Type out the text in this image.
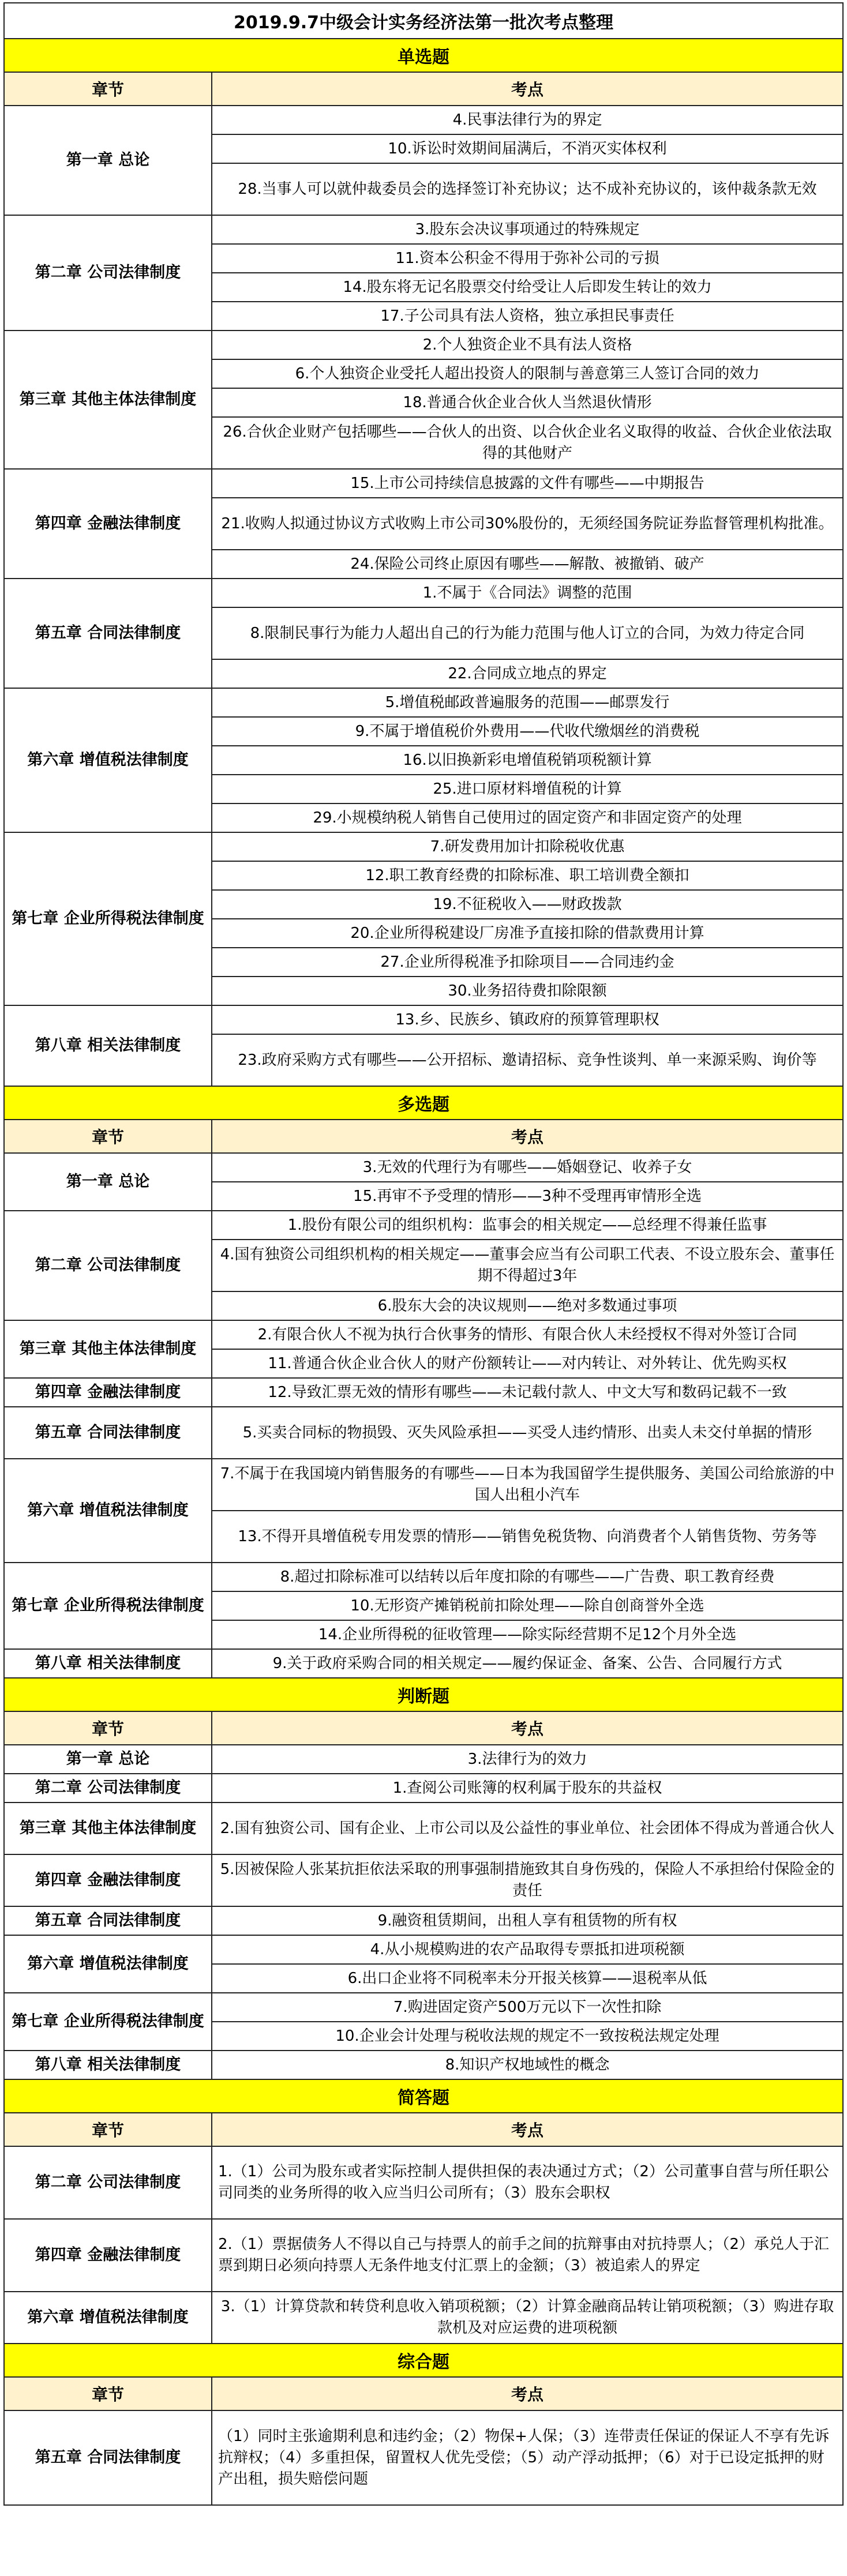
2019.9.7中级会计实务经济法第一批次考点整理	
单选题	
章节	考点
第一章 总论	4.民事法律行为的界定
	10.诉讼时效期间届满后，不消灭实体权利
	28.当事人可以就仲裁委员会的选择签订补充协议；达不成补充协议的，该仲裁条款无效
第二章 公司法律制度	3.股东会决议事项通过的特殊规定
	11.资本公积金不得用于弥补公司的亏损
	14.股东将无记名股票交付给受让人后即发生转让的效力
	17.子公司具有法人资格，独立承担民事责任
第三章 其他主体法律制度	2.个人独资企业不具有法人资格
	6.个人独资企业受托人超出投资人的限制与善意第三人签订合同的效力
	18.普通合伙企业合伙人当然退伙情形
	26.合伙企业财产包括哪些——合伙人的出资、以合伙企业名义取得的收益、合伙企业依法取得的其他财产
第四章 金融法律制度	15.上市公司持续信息披露的文件有哪些——中期报告
	21.收购人拟通过协议方式收购上市公司30%股份的，无须经国务院证券监督管理机构批准。
	24.保险公司终止原因有哪些——解散、被撤销、破产
第五章 合同法律制度	1.不属于《合同法》调整的范围
	8.限制民事行为能力人超出自己的行为能力范围与他人订立的合同，为效力待定合同
	22.合同成立地点的界定
第六章 增值税法律制度	5.增值税邮政普遍服务的范围——邮票发行
	9.不属于增值税价外费用——代收代缴烟丝的消费税
	16.以旧换新彩电增值税销项税额计算
	25.进口原材料增值税的计算
	29.小规模纳税人销售自己使用过的固定资产和非固定资产的处理
第七章 企业所得税法律制度	7.研发费用加计扣除税收优惠
	12.职工教育经费的扣除标准、职工培训费全额扣
	19.不征税收入——财政拨款
	20.企业所得税建设厂房准予直接扣除的借款费用计算
	27.企业所得税准予扣除项目——合同违约金
	30.业务招待费扣除限额
第八章 相关法律制度	13.乡、民族乡、镇政府的预算管理职权
	23.政府采购方式有哪些——公开招标、邀请招标、竞争性谈判、单一来源采购、询价等
多选题	
章节	考点
第一章 总论	3.无效的代理行为有哪些——婚姻登记、收养子女
	15.再审不予受理的情形——3种不受理再审情形全选
第二章 公司法律制度	1.股份有限公司的组织机构：监事会的相关规定——总经理不得兼任监事
	4.国有独资公司组织机构的相关规定——董事会应当有公司职工代表、不设立股东会、董事任期不得超过3年
	6.股东大会的决议规则——绝对多数通过事项
第三章 其他主体法律制度	2.有限合伙人不视为执行合伙事务的情形、有限合伙人未经授权不得对外签订合同
	11.普通合伙企业合伙人的财产份额转让——对内转让、对外转让、优先购买权
第四章 金融法律制度	12.导致汇票无效的情形有哪些——未记载付款人、中文大写和数码记载不一致
第五章 合同法律制度	5.买卖合同标的物损毁、灭失风险承担——买受人违约情形、出卖人未交付单据的情形
第六章 增值税法律制度	7.不属于在我国境内销售服务的有哪些——日本为我国留学生提供服务、美国公司给旅游的中国人出租小汽车
	13.不得开具增值税专用发票的情形——销售免税货物、向消费者个人销售货物、劳务等
第七章 企业所得税法律制度	8.超过扣除标准可以结转以后年度扣除的有哪些——广告费、职工教育经费
	10.无形资产摊销税前扣除处理——除自创商誉外全选
	14.企业所得税的征收管理——除实际经营期不足12个月外全选
第八章 相关法律制度	9.关于政府采购合同的相关规定——履约保证金、备案、公告、合同履行方式
判断题	
章节	考点
第一章 总论	3.法律行为的效力
第二章 公司法律制度	1.查阅公司账簿的权利属于股东的共益权
第三章 其他主体法律制度	2.国有独资公司、国有企业、上市公司以及公益性的事业单位、社会团体不得成为普通合伙人
第四章 金融法律制度	5.因被保险人张某抗拒依法采取的刑事强制措施致其自身伤残的，保险人不承担给付保险金的责任
第五章 合同法律制度	9.融资租赁期间，出租人享有租赁物的所有权
第六章 增值税法律制度	4.从小规模购进的农产品取得专票抵扣进项税额
	6.出口企业将不同税率未分开报关核算——退税率从低
第七章 企业所得税法律制度	7.购进固定资产500万元以下一次性扣除
	10.企业会计处理与税收法规的规定不一致按税法规定处理
第八章 相关法律制度	8.知识产权地域性的概念
简答题	
章节	考点
第二章 公司法律制度	1.（1）公司为股东或者实际控制人提供担保的表决通过方式；（2）公司董事自营与所任职公司同类的业务所得的收入应当归公司所有；（3）股东会职权
第四章 金融法律制度	2.（1）票据债务人不得以自己与持票人的前手之间的抗辩事由对抗持票人；（2）承兑人于汇票到期日必须向持票人无条件地支付汇票上的金额；（3）被追索人的界定
第六章 增值税法律制度	3.（1）计算贷款和转贷利息收入销项税额；（2）计算金融商品转让销项税额；（3）购进存取款机及对应运费的进项税额
综合题	
章节	考点
第五章 合同法律制度	（1）同时主张逾期利息和违约金；（2）物保+人保；（3）连带责任保证的保证人不享有先诉抗辩权；（4）多重担保，留置权人优先受偿；（5）动产浮动抵押；（6）对于已设定抵押的财产出租，损失赔偿问题
